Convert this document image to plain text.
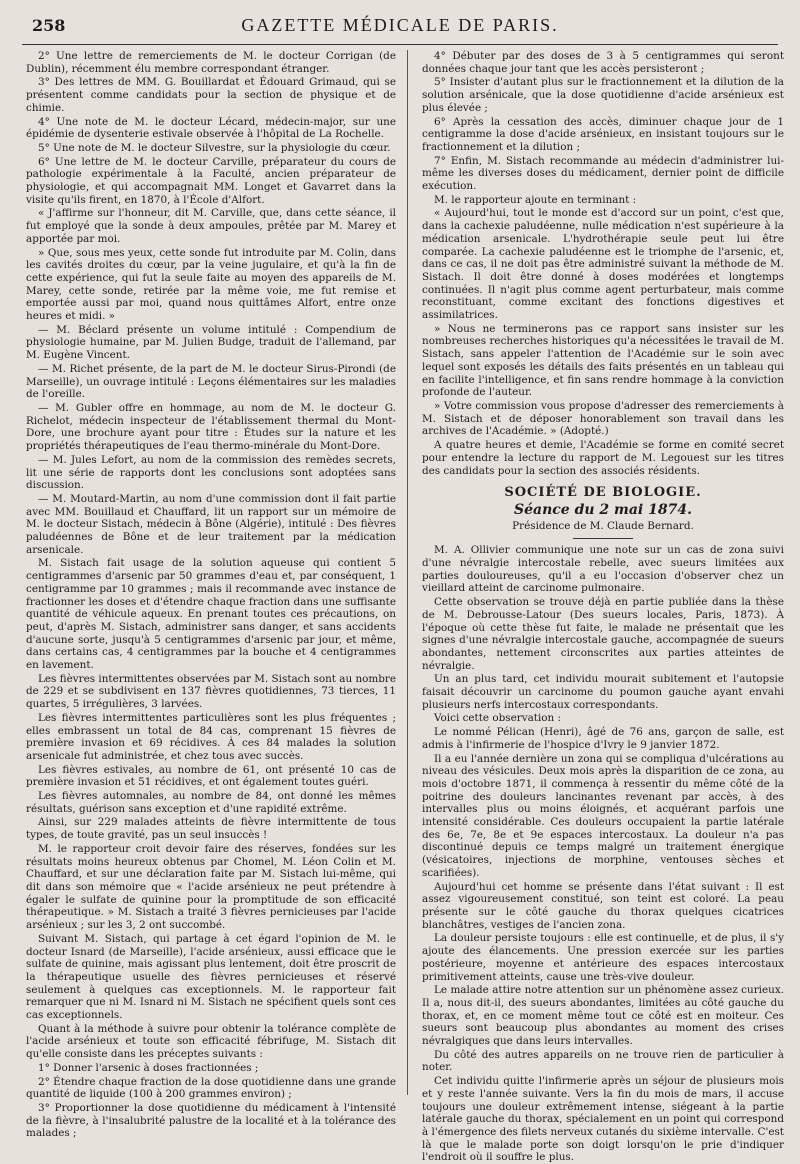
258	GAZETTE MÉDICALE DE PARIS.

2° Une lettre de remerciements de M. le docteur Corrigan (de Dublin), récemment élu membre correspondant étranger.

3° Des lettres de MM. G. Bouillardat et Édouard Grimaud, qui se présentent comme candidats pour la section de physique et de chimie.

4° Une note de M. le docteur Lécard, médecin-major, sur une épidémie de dysenterie estivale observée à l'hôpital de La Rochelle.

5° Une note de M. le docteur Silvestre, sur la physiologie du cœur.

6° Une lettre de M. le docteur Carville, préparateur du cours de pathologie expérimentale à la Faculté, ancien préparateur de physiologie, et qui accompagnait MM. Longet et Gavarret dans la visite qu'ils firent, en 1870, à l'École d'Alfort.

« J'affirme sur l'honneur, dit M. Carville, que, dans cette séance, il fut employé que la sonde à deux ampoules, prêtée par M. Marey et apportée par moi.

» Que, sous mes yeux, cette sonde fut introduite par M. Colin, dans les cavités droites du cœur, par la veine jugulaire, et qu'à la fin de cette expérience, qui fut la seule faite au moyen des appareils de M. Marey, cette sonde, retirée par la même voie, me fut remise et emportée aussi par moi, quand nous quittâmes Alfort, entre onze heures et midi. »

— M. Béclard présente un volume intitulé : Compendium de physiologie humaine, par M. Julien Budge, traduit de l'allemand, par M. Eugène Vincent.

— M. Richet présente, de la part de M. le docteur Sirus-Pirondi (de Marseille), un ouvrage intitulé : Leçons élémentaires sur les maladies de l'oreille.

— M. Gubler offre en hommage, au nom de M. le docteur G. Richelot, médecin inspecteur de l'établissement thermal du Mont-Dore, une brochure ayant pour titre : Études sur la nature et les propriétés thérapeutiques de l'eau thermo-minérale du Mont-Dore.

— M. Jules Lefort, au nom de la commission des remèdes secrets, lit une série de rapports dont les conclusions sont adoptées sans discussion.

— M. Moutard-Martin, au nom d'une commission dont il fait partie avec MM. Bouillaud et Chauffard, lit un rapport sur un mémoire de M. le docteur Sistach, médecin à Bône (Algérie), intitulé : Des fièvres paludéennes de Bône et de leur traitement par la médication arsenicale.

M. Sistach fait usage de la solution aqueuse qui contient 5 centigrammes d'arsenic par 50 grammes d'eau et, par conséquent, 1 centigramme par 10 grammes ; mais il recommande avec instance de fractionner les doses et d'étendre chaque fraction dans une suffisante quantité de véhicule aqueux. En prenant toutes ces précautions, on peut, d'après M. Sistach, administrer sans danger, et sans accidents d'aucune sorte, jusqu'à 5 centigrammes d'arsenic par jour, et même, dans certains cas, 4 centigrammes par la bouche et 4 centigrammes en lavement.

Les fièvres intermittentes observées par M. Sistach sont au nombre de 229 et se subdivisent en 137 fièvres quotidiennes, 73 tierces, 11 quartes, 5 irrégulières, 3 larvées.

Les fièvres intermittentes particulières sont les plus fréquentes ; elles embrassent un total de 84 cas, comprenant 15 fièvres de première invasion et 69 récidives. À ces 84 malades la solution arsenicale fut administrée, et chez tous avec succès.

Les fièvres estivales, au nombre de 61, ont présenté 10 cas de première invasion et 51 récidives, et ont également toutes guéri.

Les fièvres automnales, au nombre de 84, ont donné les mêmes résultats, guérison sans exception et d'une rapidité extrême.

Ainsi, sur 229 malades atteints de fièvre intermittente de tous types, de toute gravité, pas un seul insuccès !

M. le rapporteur croit devoir faire des réserves, fondées sur les résultats moins heureux obtenus par Chomel, M. Léon Colin et M. Chauffard, et sur une déclaration faite par M. Sistach lui-même, qui dit dans son mémoire que « l'acide arsénieux ne peut prétendre à égaler le sulfate de quinine pour la promptitude de son efficacité thérapeutique. » M. Sistach a traité 3 fièvres pernicieuses par l'acide arsénieux ; sur les 3, 2 ont succombé.

Suivant M. Sistach, qui partage à cet égard l'opinion de M. le docteur Isnard (de Marseille), l'acide arsénieux, aussi efficace que le sulfate de quinine, mais agissant plus lentement, doit être proscrit de la thérapeutique usuelle des fièvres pernicieuses et réservé seulement à quelques cas exceptionnels. M. le rapporteur fait remarquer que ni M. Isnard ni M. Sistach ne spécifient quels sont ces cas exceptionnels.

Quant à la méthode à suivre pour obtenir la tolérance complète de l'acide arsénieux et toute son efficacité fébrifuge, M. Sistach dit qu'elle consiste dans les préceptes suivants :

1° Donner l'arsenic à doses fractionnées ;

2° Étendre chaque fraction de la dose quotidienne dans une grande quantité de liquide (100 à 200 grammes environ) ;

3° Proportionner la dose quotidienne du médicament à l'intensité de la fièvre, à l'insalubrité palustre de la localité et à la tolérance des malades ;

4° Débuter par des doses de 3 à 5 centigrammes qui seront données chaque jour tant que les accès persisteront ;

5° Insister d'autant plus sur le fractionnement et la dilution de la solution arsénicale, que la dose quotidienne d'acide arsénieux est plus élevée ;

6° Après la cessation des accès, diminuer chaque jour de 1 centigramme la dose d'acide arsénieux, en insistant toujours sur le fractionnement et la dilution ;

7° Enfin, M. Sistach recommande au médecin d'administrer lui-même les diverses doses du médicament, dernier point de difficile exécution.

M. le rapporteur ajoute en terminant :

« Aujourd'hui, tout le monde est d'accord sur un point, c'est que, dans la cachexie paludéenne, nulle médication n'est supérieure à la médication arsenicale. L'hydrothérapie seule peut lui être comparée. La cachexie paludéenne est le triomphe de l'arsenic, et, dans ce cas, il ne doit pas être administré suivant la méthode de M. Sistach. Il doit être donné à doses modérées et longtemps continuées. Il n'agit plus comme agent perturbateur, mais comme reconstituant, comme excitant des fonctions digestives et assimilatrices.

» Nous ne terminerons pas ce rapport sans insister sur les nombreuses recherches historiques qu'a nécessitées le travail de M. Sistach, sans appeler l'attention de l'Académie sur le soin avec lequel sont exposés les détails des faits présentés en un tableau qui en facilite l'intelligence, et fin sans rendre hommage à la conviction profonde de l'auteur.

» Votre commission vous propose d'adresser des remerciements à M. Sistach et de déposer honorablement son travail dans les archives de l'Académie. » (Adopté.)

A quatre heures et demie, l'Académie se forme en comité secret pour entendre la lecture du rapport de M. Legouest sur les titres des candidats pour la section des associés résidents.

SOCIÉTÉ DE BIOLOGIE.
Séance du 2 mai 1874.
Présidence de M. Claude Bernard.

M. A. Ollivier communique une note sur un cas de zona suivi d'une névralgie intercostale rebelle, avec sueurs limitées aux parties douloureuses, qu'il a eu l'occasion d'observer chez un vieillard atteint de carcinome pulmonaire.

Cette observation se trouve déjà en partie publiée dans la thèse de M. Debrousse-Latour (Des sueurs locales, Paris, 1873). À l'époque où cette thèse fut faite, le malade ne présentait que les signes d'une névralgie intercostale gauche, accompagnée de sueurs abondantes, nettement circonscrites aux parties atteintes de névralgie.

Un an plus tard, cet individu mourait subitement et l'autopsie faisait découvrir un carcinome du poumon gauche ayant envahi plusieurs nerfs intercostaux correspondants.

Voici cette observation :

Le nommé Pélican (Henri), âgé de 76 ans, garçon de salle, est admis à l'infirmerie de l'hospice d'Ivry le 9 janvier 1872.

Il a eu l'année dernière un zona qui se compliqua d'ulcérations au niveau des vésicules. Deux mois après la disparition de ce zona, au mois d'octobre 1871, il commença à ressentir du même côté de la poitrine des douleurs lancinantes revenant par accès, à des intervalles plus ou moins éloignés, et acquérant parfois une intensité considérable. Ces douleurs occupaient la partie latérale des 6e, 7e, 8e et 9e espaces intercostaux. La douleur n'a pas discontinué depuis ce temps malgré un traitement énergique (vésicatoires, injections de morphine, ventouses sèches et scarifiées).

Aujourd'hui cet homme se présente dans l'état suivant : Il est assez vigoureusement constitué, son teint est coloré. La peau présente sur le côté gauche du thorax quelques cicatrices blanchâtres, vestiges de l'ancien zona.

La douleur persiste toujours : elle est continuelle, et de plus, il s'y ajoute des élancements. Une pression exercée sur les parties postérieure, moyenne et antérieure des espaces intercostaux primitivement atteints, cause une très-vive douleur.

Le malade attire notre attention sur un phénomène assez curieux. Il a, nous dit-il, des sueurs abondantes, limitées au côté gauche du thorax, et, en ce moment même tout ce côté est en moiteur. Ces sueurs sont beaucoup plus abondantes au moment des crises névralgiques que dans leurs intervalles.

Du côté des autres appareils on ne trouve rien de particulier à noter.

Cet individu quitte l'infirmerie après un séjour de plusieurs mois et y reste l'année suivante. Vers la fin du mois de mars, il accuse toujours une douleur extrêmement intense, siégeant à la partie latérale gauche du thorax, spécialement en un point qui correspond à l'émergence des filets nerveux cutanés du sixième intervalle. C'est là que le malade porte son doigt lorsqu'on le prie d'indiquer l'endroit où il souffre le plus.
